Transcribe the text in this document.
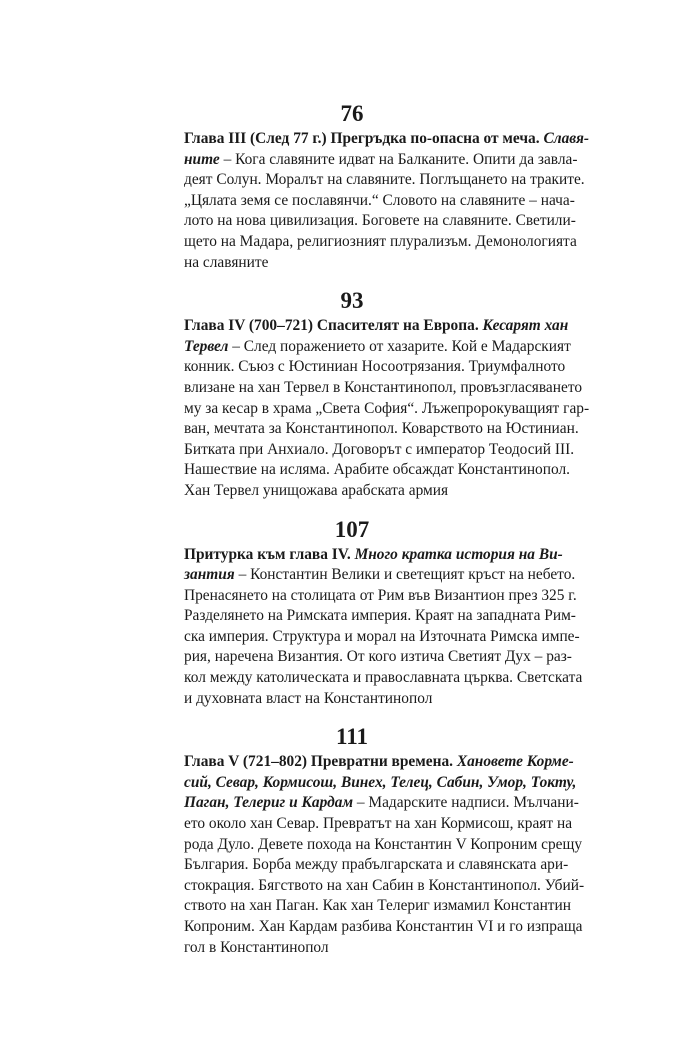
76

Глава III (След 77 г.) Прегръдка по-опасна от меча. Славя-
ните – Кога славяните идват на Балканите. Опити да завла-
деят Солун. Моралът на славяните. Поглъщането на траките.
„Цялата земя се пославянчи.“ Словото на славяните – нача-
лото на нова цивилизация. Боговете на славяните. Светили-
щето на Мадара, религиозният плурализъм. Демонологията
на славяните

93

Глава IV (700–721) Спасителят на Европа. Кесарят хан
Тервел – След поражението от хазарите. Кой е Мадарският
конник. Съюз с Юстиниан Носоотрязания. Триумфалното
влизане на хан Тервел в Константинопол, провъзгласяването
му за кесар в храма „Света София“. Лъжепророкуващият гар-
ван, мечтата за Константинопол. Коварството на Юстиниан.
Битката при Анхиало. Договорът с император Теодосий III.
Нашествие на исляма. Арабите обсаждат Константинопол.
Хан Тервел унищожава арабската армия

107

Притурка към глава IV. Много кратка история на Ви-
зантия – Константин Велики и светещият кръст на небето.
Пренасянето на столицата от Рим във Византион през 325 г.
Разделянето на Римската империя. Краят на западната Рим-
ска империя. Структура и морал на Източната Римска импе-
рия, наречена Византия. От кого изтича Светият Дух – раз-
кол между католическата и православната църква. Светската
и духовната власт на Константинопол

111

Глава V (721–802) Превратни времена. Хановете Кормe-
сий, Севар, Кормисош, Винех, Телец, Сабин, Умор, Токту,
Паган, Телериг и Кардам – Мадарските надписи. Мълчани-
ето около хан Севар. Превратът на хан Кормисош, краят на
рода Дуло. Девете похода на Константин V Копроним срещу
България. Борба между прабългарската и славянската ари-
стокрация. Бягството на хан Сабин в Константинопол. Убий-
ството на хан Паган. Как хан Телериг измамил Константин
Копроним. Хан Кардам разбива Константин VI и го изпраща
гол в Константинопол
